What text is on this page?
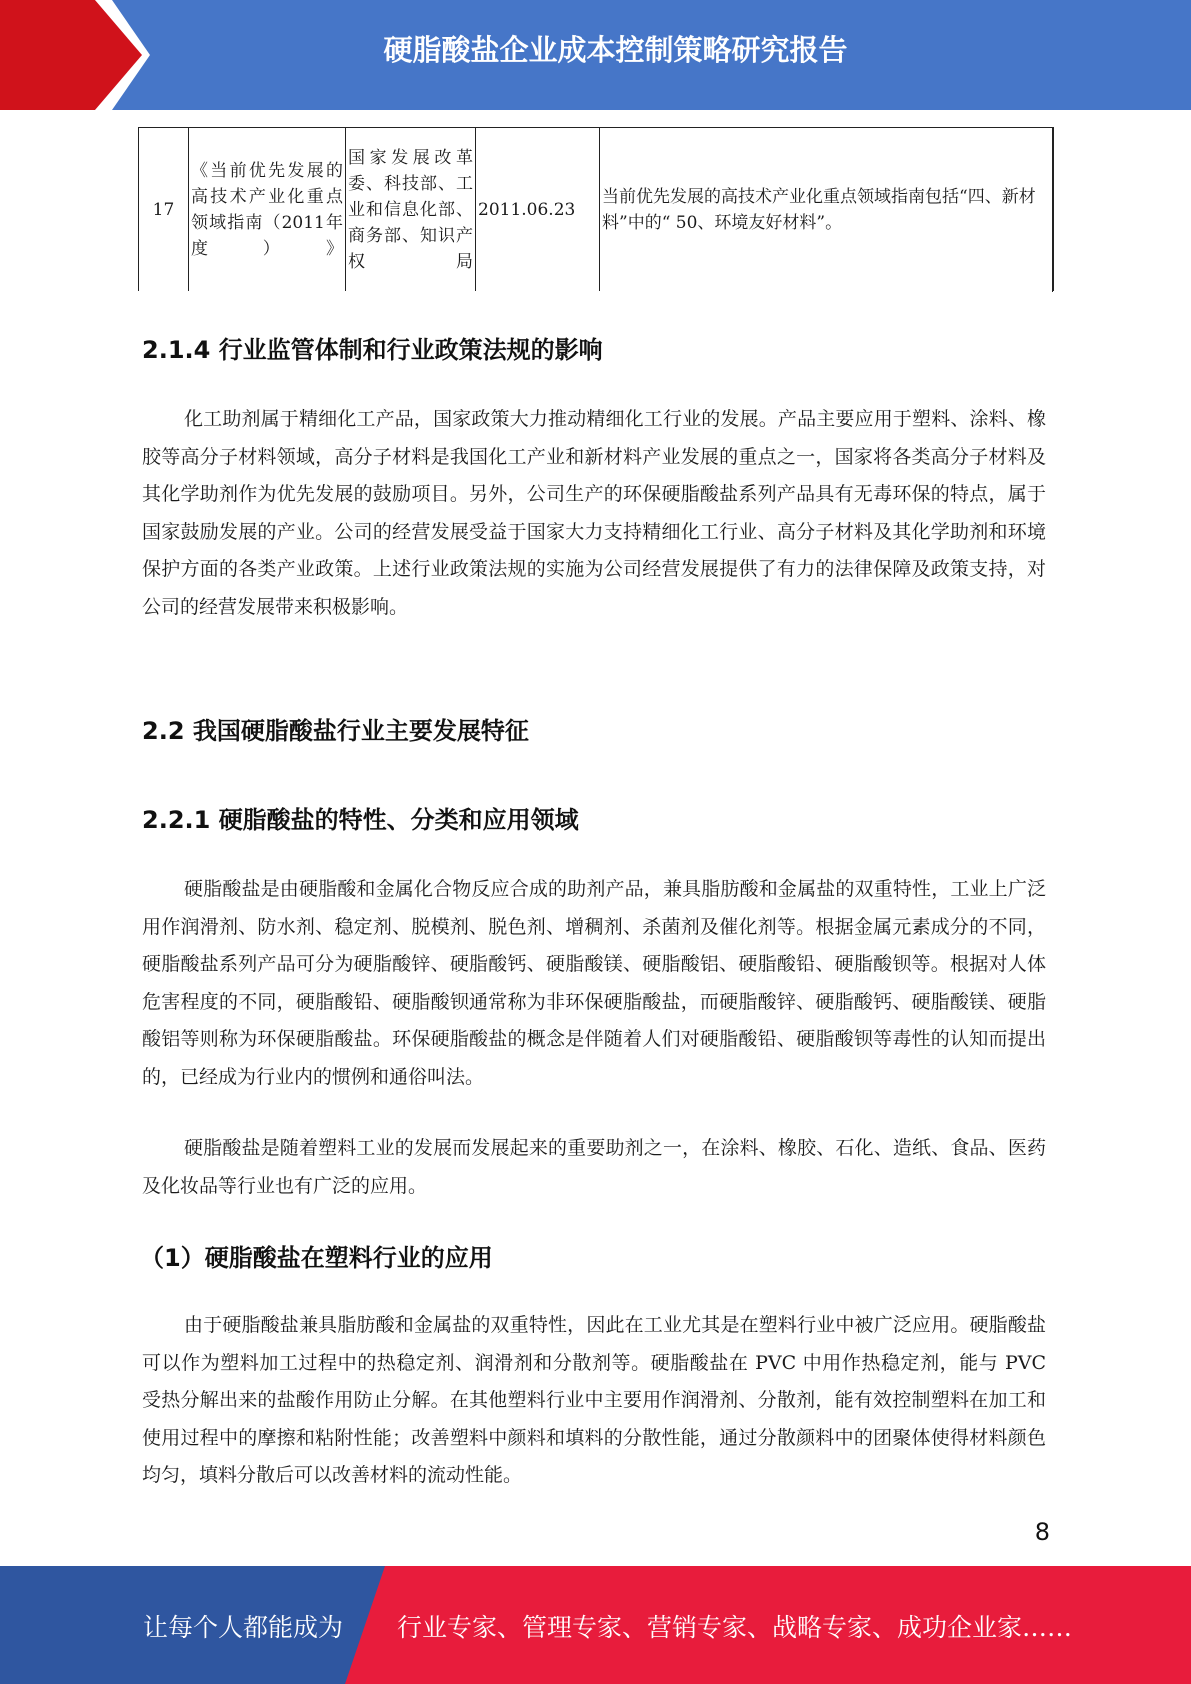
硬脂酸盐企业成本控制策略研究报告
17	《当前优先发展的高技术产业化重点领域指南（2011年度）》	国家发展改革委、科技部、工业和信息化部、商务部、知识产权局	2011.06.23	当前优先发展的高技术产业化重点领域指南包括“四、新材料”中的“ 50、环境友好材料”。
2.1.4 行业监管体制和行业政策法规的影响
化工助剂属于精细化工产品，国家政策大力推动精细化工行业的发展。产品主要应用于塑料、涂料、橡胶等高分子材料领域，高分子材料是我国化工产业和新材料产业发展的重点之一，国家将各类高分子材料及其化学助剂作为优先发展的鼓励项目。另外，公司生产的环保硬脂酸盐系列产品具有无毒环保的特点，属于国家鼓励发展的产业。公司的经营发展受益于国家大力支持精细化工行业、高分子材料及其化学助剂和环境保护方面的各类产业政策。上述行业政策法规的实施为公司经营发展提供了有力的法律保障及政策支持，对公司的经营发展带来积极影响。
2.2 我国硬脂酸盐行业主要发展特征
2.2.1 硬脂酸盐的特性、分类和应用领域
硬脂酸盐是由硬脂酸和金属化合物反应合成的助剂产品，兼具脂肪酸和金属盐的双重特性，工业上广泛用作润滑剂、防水剂、稳定剂、脱模剂、脱色剂、增稠剂、杀菌剂及催化剂等。根据金属元素成分的不同，硬脂酸盐系列产品可分为硬脂酸锌、硬脂酸钙、硬脂酸镁、硬脂酸铝、硬脂酸铅、硬脂酸钡等。根据对人体危害程度的不同，硬脂酸铅、硬脂酸钡通常称为非环保硬脂酸盐，而硬脂酸锌、硬脂酸钙、硬脂酸镁、硬脂酸铝等则称为环保硬脂酸盐。环保硬脂酸盐的概念是伴随着人们对硬脂酸铅、硬脂酸钡等毒性的认知而提出的，已经成为行业内的惯例和通俗叫法。
硬脂酸盐是随着塑料工业的发展而发展起来的重要助剂之一，在涂料、橡胶、石化、造纸、食品、医药及化妆品等行业也有广泛的应用。
（1）硬脂酸盐在塑料行业的应用
由于硬脂酸盐兼具脂肪酸和金属盐的双重特性，因此在工业尤其是在塑料行业中被广泛应用。硬脂酸盐可以作为塑料加工过程中的热稳定剂、润滑剂和分散剂等。硬脂酸盐在 PVC 中用作热稳定剂，能与 PVC 受热分解出来的盐酸作用防止分解。在其他塑料行业中主要用作润滑剂、分散剂，能有效控制塑料在加工和使用过程中的摩擦和粘附性能；改善塑料中颜料和填料的分散性能，通过分散颜料中的团聚体使得材料颜色均匀，填料分散后可以改善材料的流动性能。
8
让每个人都能成为 行业专家、管理专家、营销专家、战略专家、成功企业家……
